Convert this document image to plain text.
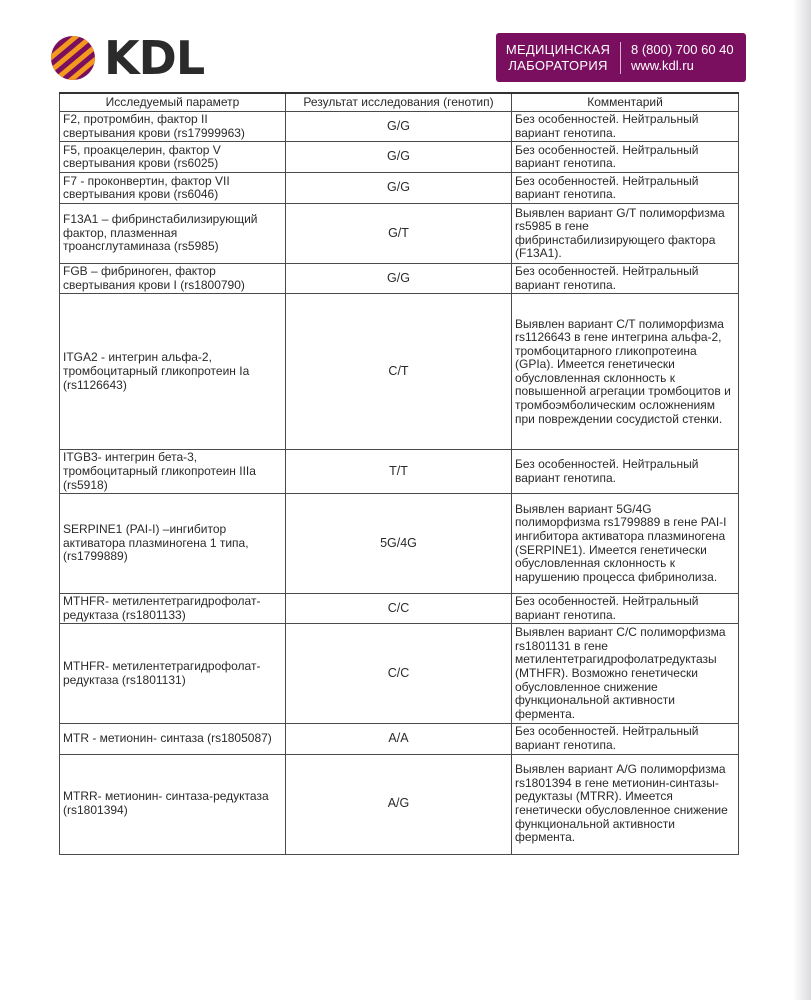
KDL	МЕДИЦИНСКАЯ
ЛАБОРАТОРИЯ
8 (800) 700 60 40
www.kdl.ru
Исследуемый параметр	Результат исследования (генотип)	Комментарий
F2, протромбин, фактор II свертывания крови (rs17999963)	G/G	Без особенностей. Нейтральный вариант генотипа.
F5, проакцелерин, фактор V свертывания крови (rs6025)	G/G	Без особенностей. Нейтральный вариант генотипа.
F7 - проконвертин, фактор VII свертывания крови (rs6046)	G/G	Без особенностей. Нейтральный вариант генотипа.
F13A1 – фибринстабилизирующий фактор, плазменная трoансглутаминаза (rs5985)	G/T	Выявлен вариант G/T полиморфизма rs5985 в гене фибринстабилизирующего фактора (F13A1).
FGB – фибриноген, фактор свертывания крови I (rs1800790)	G/G	Без особенностей. Нейтральный вариант генотипа.
ITGA2 - интегрин альфа-2, тромбоцитарный гликопротеин Ia (rs1126643)	C/T	Выявлен вариант C/T полиморфизма rs1126643 в гене интегрина альфа-2, тромбоцитарного гликопротеина (GPIa). Имеется генетически обусловленная склонность к повышенной агрегации тромбоцитов и тромбоэмболическим осложнениям при повреждении сосудистой стенки.
ITGB3- интегрин бета-3, тромбоцитарный гликопротеин IIIa (rs5918)	T/T	Без особенностей. Нейтральный вариант генотипа.
SERPINE1 (PAI-I) –ингибитор активатора плазминогена 1 типа, (rs1799889)	5G/4G	Выявлен вариант 5G/4G полиморфизма rs1799889 в гене PAI-I ингибитора активатора плазминогена (SERPINE1). Имеется генетически обусловленная склонность к нарушению процесса фибринолиза.
MTHFR- метилентетрагидрофолат-редуктаза (rs1801133)	C/C	Без особенностей. Нейтральный вариант генотипа.
MTHFR- метилентетрагидрофолат-редуктаза (rs1801131)	C/C	Выявлен вариант C/C полиморфизма rs1801131 в гене метилентетрагидрофолатредуктазы (MTHFR). Возможно генетически обусловленное снижение функциональной активности фермента.
MTR - метионин- синтаза (rs1805087)	A/A	Без особенностей. Нейтральный вариант генотипа.
MTRR- метионин- синтаза-редуктаза (rs1801394)	A/G	Выявлен вариант A/G полиморфизма rs1801394 в гене метионин-синтазы-редуктазы (MTRR). Имеется генетически обусловленное снижение функциональной активности фермента.
